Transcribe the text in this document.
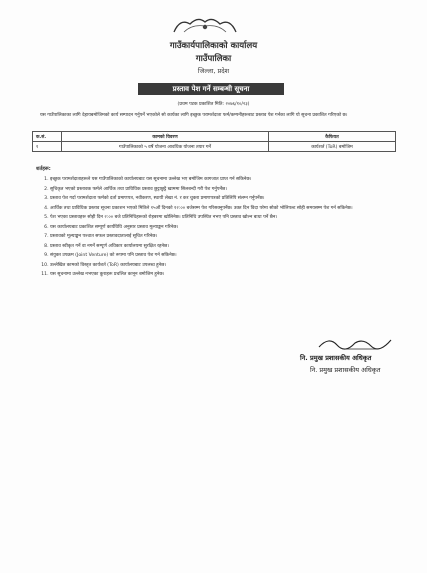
गाउँकार्यपालिकाको कार्यालय
गाउँपालिका
जिल्ला, प्रदेश
प्रस्ताव पेश गर्ने सम्बन्धी सूचना
(प्रथम पटक प्रकाशित मिति: २०७६/१०/२३)
यस गाउँपालिकाका लागि देहायबमोजिमको कार्य सम्पादन गर्नुपर्ने भएकोले सो कार्यका लागि इच्छुक परामर्शदाता फर्म/कम्पनीहरूबाट प्रस्ताव पेश गर्नका लागि यो सूचना प्रकाशित गरिएको छ।
क.सं.	कामको विवरण	कैफियत
१	गाउँपालिकाको ५ वर्षे योजना आवधिक योजना तयार गर्ने	कार्यशर्त (ToR) बमोजिम
शर्तहरू:
1. इच्छुक परामर्शदाताहरूले यस गाउँपालिकाको कार्यालयबाट यस सूचनामा उल्लेख भए बमोजिम कागजात प्राप्त गर्न सकिनेछ।
2. सूचिकृत भएको प्रस्तावक फर्मले आर्थिक तथा प्राविधिक प्रस्ताव छुट्टाछुट्टै खाममा सिलबन्दी गरी पेश गर्नुपर्नेछ।
3. प्रस्ताव पेश गर्दा परामर्शदाता फर्मको दर्ता प्रमाणपत्र, नवीकरण, स्थायी लेखा नं. र कर चुक्ता प्रमाणपत्रको प्रतिलिपि संलग्न गर्नुपर्नेछ।
4. आर्थिक तथा प्राविधिक प्रस्ताव सूचना प्रकाशन भएको मितिले १५औं दिनको १२:०० बजेसम्म पेश गरिसक्नुपर्नेछ। उक्त दिन विदा परेमा सोको भोलिपल्ट सोही समयसम्म पेश गर्न सकिनेछ।
5. पेश भएका प्रस्तावहरू सोही दिन २:०० बजे प्रतिनिधिहरूको रोहबरमा खोलिनेछ। प्रतिनिधि उपस्थित नभए पनि प्रस्ताव खोल्न बाधा पर्ने छैन।
6. यस कार्यालयबाट प्रकाशित सम्पूर्ण कार्यविधि अनुसार प्रस्ताव मूल्याङ्कन गरिनेछ।
7. प्रस्तावको मूल्याङ्कन पश्चात सफल प्रस्तावदातालाई सूचित गरिनेछ।
8. प्रस्ताव स्वीकृत गर्ने वा नगर्ने सम्पूर्ण अधिकार कार्यालयमा सुरक्षित रहनेछ।
9. संयुक्त उपक्रम (Joint Venture) को रूपमा पनि प्रस्ताव पेश गर्न सकिनेछ।
10. उल्लेखित कामको विस्तृत कार्यशर्त (ToR) कार्यालयबाट उपलब्ध हुनेछ।
11. यस सूचनामा उल्लेख नभएका कुराहरू प्रचलित कानून बमोजिम हुनेछ।
नि. प्रमुख प्रशासकीय अधिकृत
नि. प्रमुख प्रशासकीय अधिकृत
